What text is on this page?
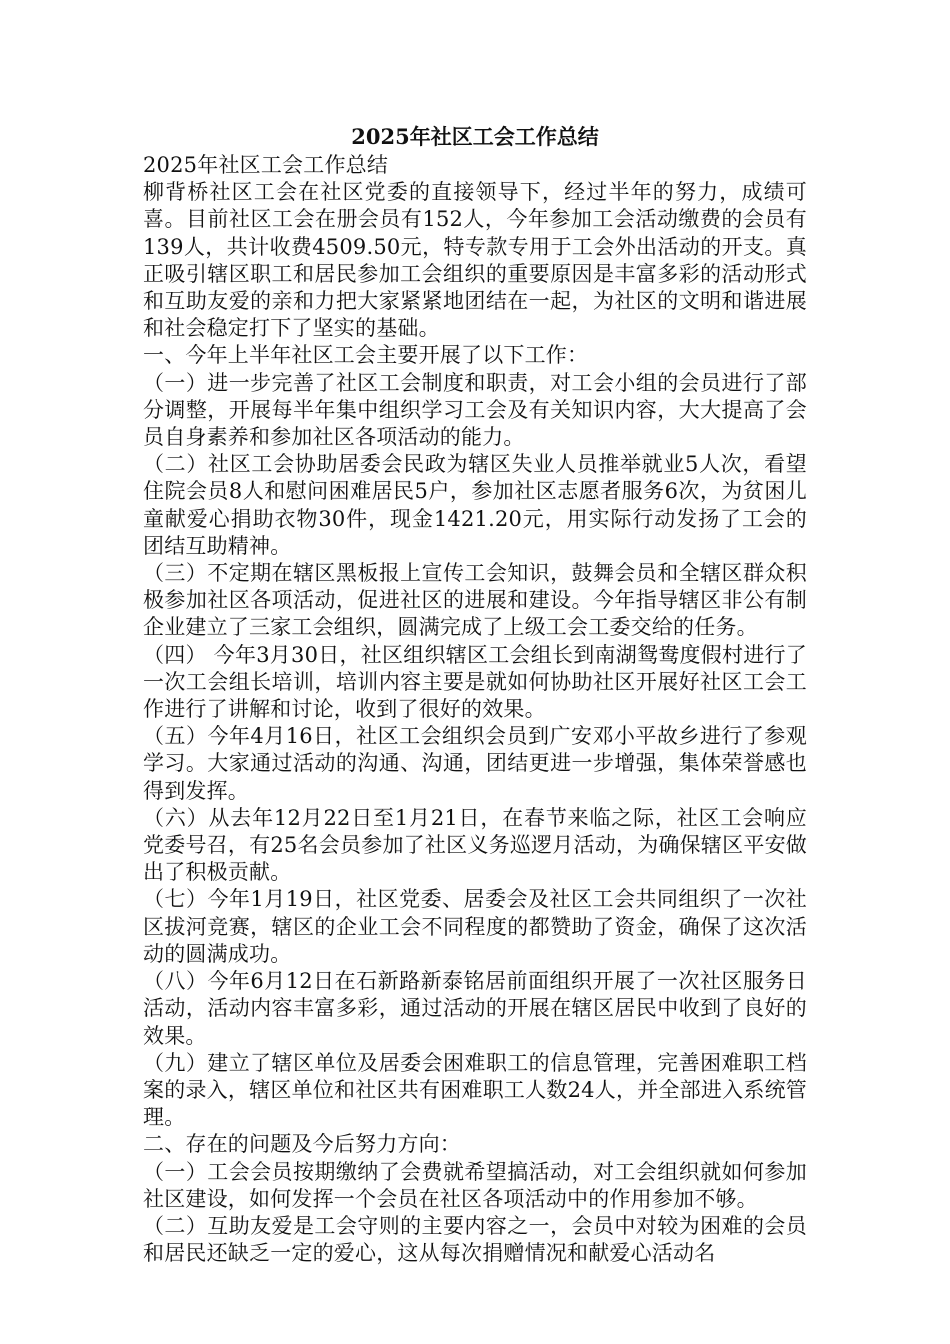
2025年社区工会工作总结

2025年社区工会工作总结

柳背桥社区工会在社区党委的直接领导下，经过半年的努力，成绩可喜。目前社区工会在册会员有152人，今年参加工会活动缴费的会员有139人，共计收费4509.50元，特专款专用于工会外出活动的开支。真正吸引辖区职工和居民参加工会组织的重要原因是丰富多彩的活动形式和互助友爱的亲和力把大家紧紧地团结在一起，为社区的文明和谐进展和社会稳定打下了坚实的基础。

一、今年上半年社区工会主要开展了以下工作：

（一）进一步完善了社区工会制度和职责，对工会小组的会员进行了部分调整，开展每半年集中组织学习工会及有关知识内容，大大提高了会员自身素养和参加社区各项活动的能力。

（二）社区工会协助居委会民政为辖区失业人员推举就业5人次，看望住院会员8人和慰问困难居民5户，参加社区志愿者服务6次，为贫困儿童献爱心捐助衣物30件，现金1421.20元，用实际行动发扬了工会的团结互助精神。

（三）不定期在辖区黑板报上宣传工会知识，鼓舞会员和全辖区群众积极参加社区各项活动，促进社区的进展和建设。今年指导辖区非公有制企业建立了三家工会组织，圆满完成了上级工会工委交给的任务。

（四） 今年3月30日，社区组织辖区工会组长到南湖鸳鸯度假村进行了一次工会组长培训，培训内容主要是就如何协助社区开展好社区工会工作进行了讲解和讨论，收到了很好的效果。

（五）今年4月16日，社区工会组织会员到广安邓小平故乡进行了参观学习。大家通过活动的沟通、沟通，团结更进一步增强，集体荣誉感也得到发挥。

（六）从去年12月22日至1月21日，在春节来临之际，社区工会响应党委号召，有25名会员参加了社区义务巡逻月活动，为确保辖区平安做出了积极贡献。

（七）今年1月19日，社区党委、居委会及社区工会共同组织了一次社区拔河竞赛，辖区的企业工会不同程度的都赞助了资金，确保了这次活动的圆满成功。

（八）今年6月12日在石新路新泰铭居前面组织开展了一次社区服务日活动，活动内容丰富多彩，通过活动的开展在辖区居民中收到了良好的效果。

（九）建立了辖区单位及居委会困难职工的信息管理，完善困难职工档案的录入，辖区单位和社区共有困难职工人数24人，并全部进入系统管理。

二、存在的问题及今后努力方向：

（一）工会会员按期缴纳了会费就希望搞活动，对工会组织就如何参加社区建设，如何发挥一个会员在社区各项活动中的作用参加不够。

（二）互助友爱是工会守则的主要内容之一，会员中对较为困难的会员和居民还缺乏一定的爱心，这从每次捐赠情况和献爱心活动名
